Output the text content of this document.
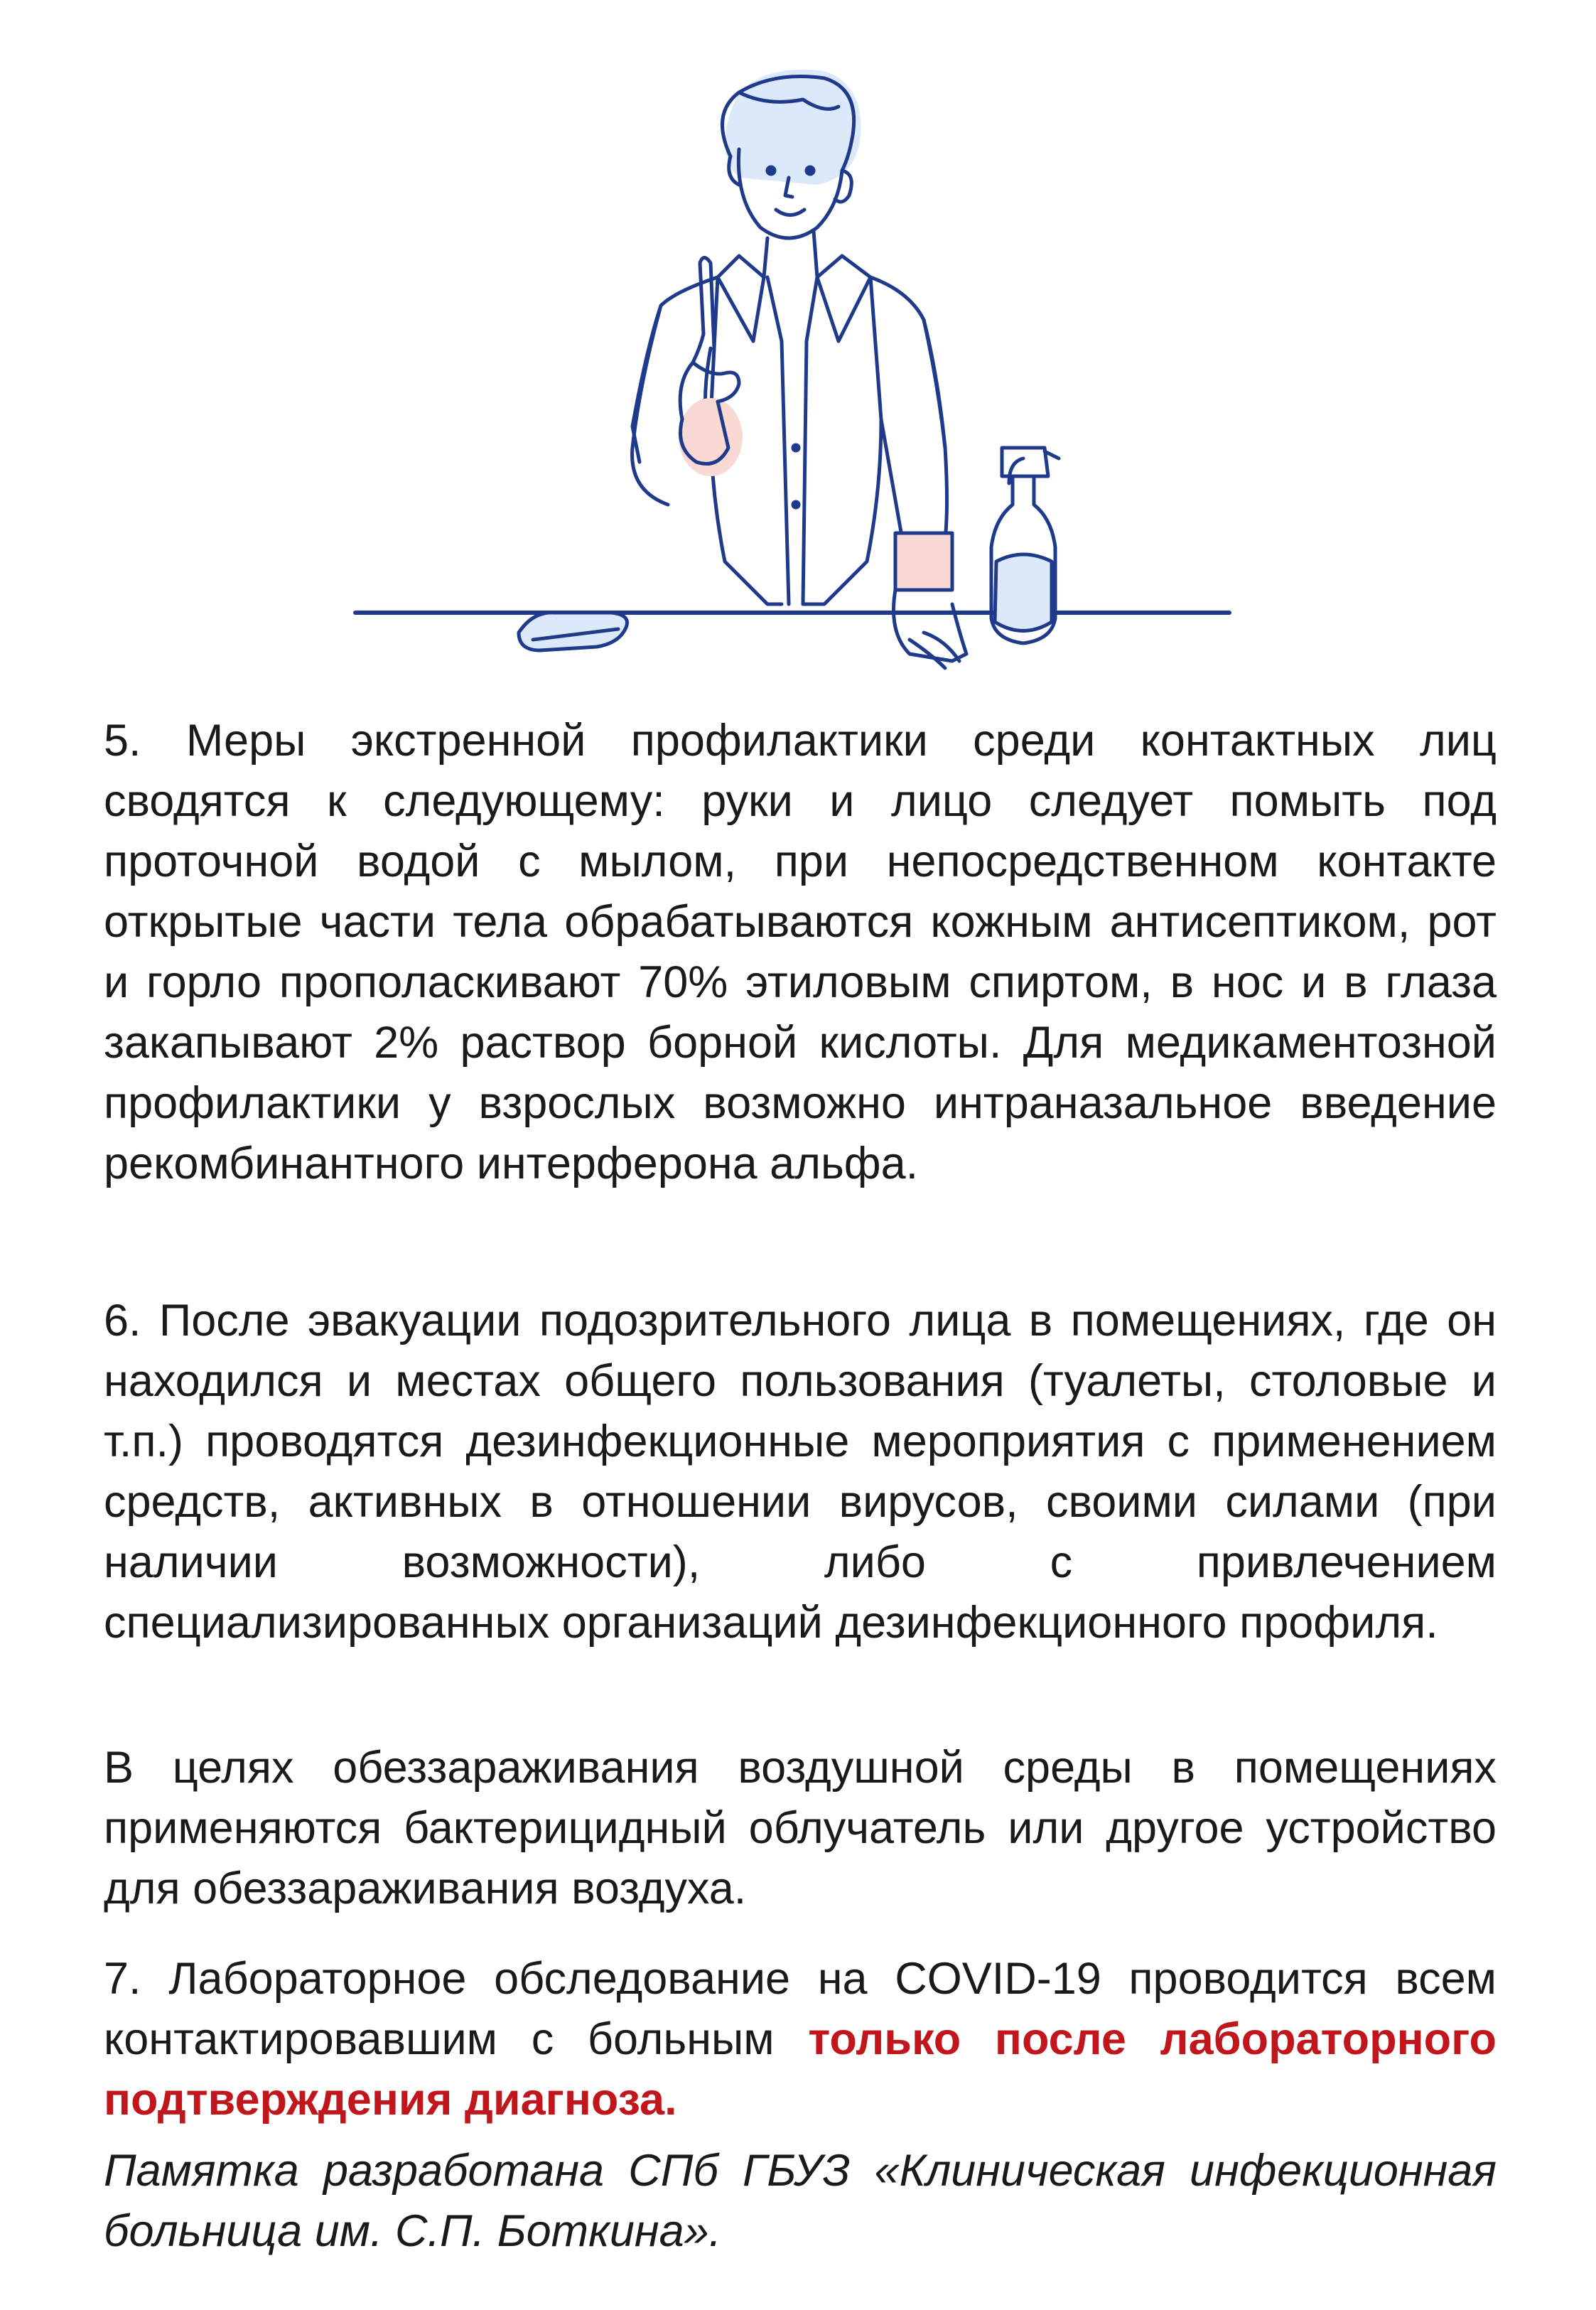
5. Меры экстренной профилактики среди контактных лиц сводятся к следующему: руки и лицо следует помыть под проточной водой с мылом, при непосредственном контакте открытые части тела обрабатываются кожным антисептиком, рот и горло прополаскивают 70% этиловым спиртом, в нос и в глаза закапывают 2% раствор борной кислоты. Для медикаментозной профилактики у взрослых возможно интраназальное введение рекомбинантного интерферона альфа.

6. После эвакуации подозрительного лица в помещениях, где он находился и местах общего пользования (туалеты, столовые и т.п.) проводятся дезинфекционные мероприятия с применением средств, активных в отношении вирусов, своими силами (при наличии возможности), либо с привлечением специализированных организаций дезинфекционного профиля.

В целях обеззараживания воздушной среды в помещениях применяются бактерицидный облучатель или другое устройство для обеззараживания воздуха.

7. Лабораторное обследование на COVID-19 проводится всем контактировавшим с больным только после лабораторного подтверждения диагноза.

Памятка разработана СПб ГБУЗ «Клиническая инфекционная больница им. С.П. Боткина».
